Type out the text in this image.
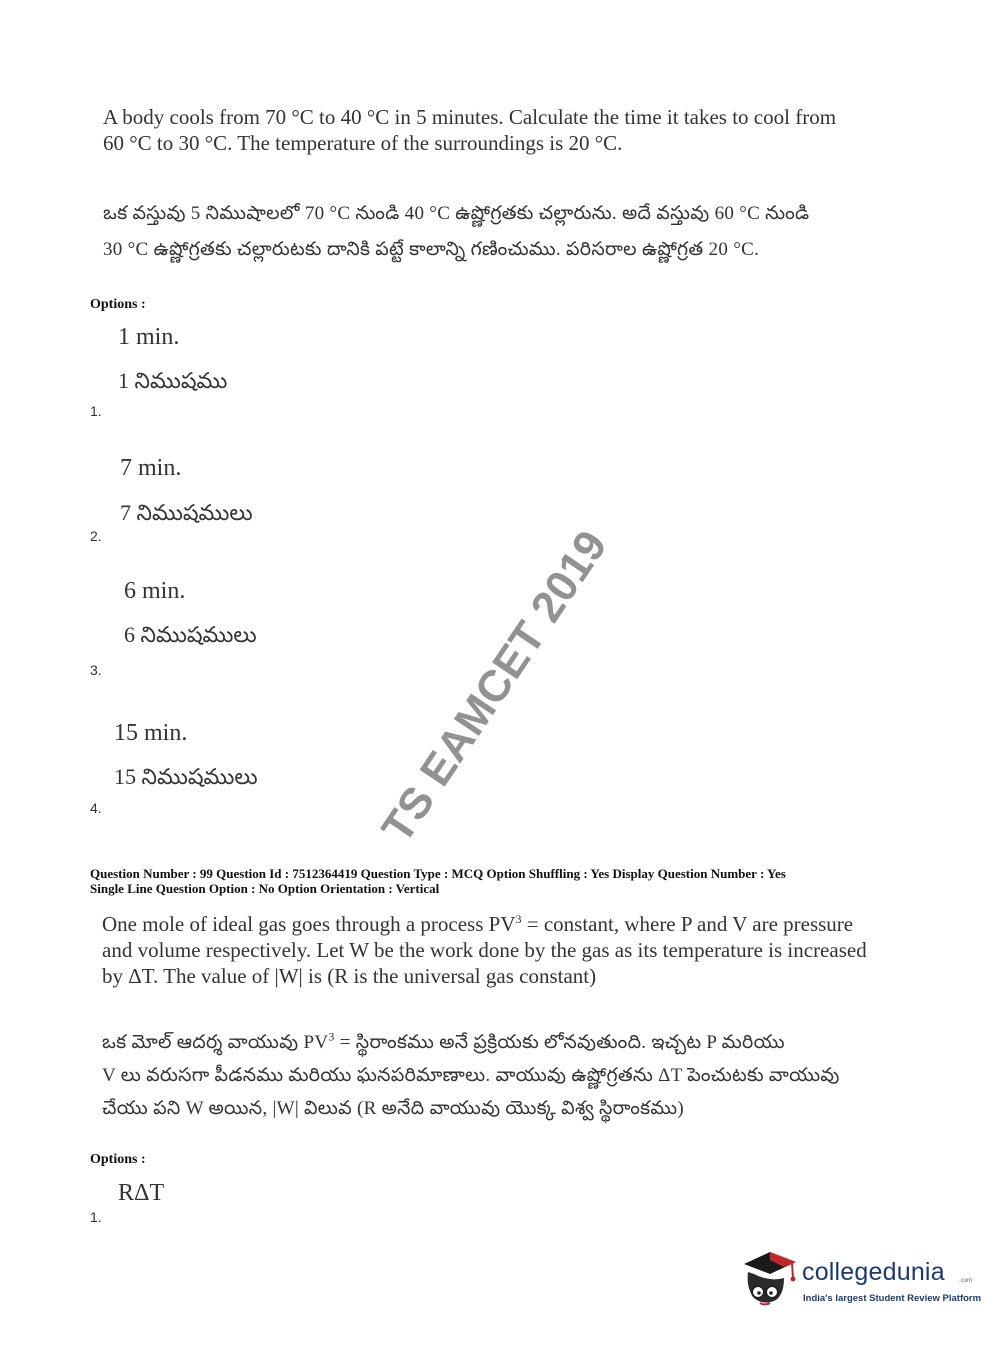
A body cools from 70 °C to 40 °C in 5 minutes. Calculate the time it takes to cool from
60 °C to 30 °C. The temperature of the surroundings is 20 °C.
ఒక వస్తువు 5 నిముషాలలో 70 °C నుండి 40 °C ఉష్ణోగ్రతకు చల్లారును. అదే వస్తువు 60 °C నుండి
30 °C ఉష్ణోగ్రతకు చల్లారుటకు దానికి పట్టే కాలాన్ని గణించుము. పరిసరాల ఉష్ణోగ్రత 20 °C.
Options :
1 min.
1 నిముషము
1.
7 min.
7 నిముషములు
2.
6 min.
6 నిముషములు
3.
15 min.
15 నిముషములు
4.	TS EAMCET 2019
Question Number : 99 Question Id : 7512364419 Question Type : MCQ Option Shuffling : Yes Display Question Number : Yes
Single Line Question Option : No Option Orientation : Vertical
One mole of ideal gas goes through a process $PV^3$ = constant, where P and V are pressure
and volume respectively. Let W be the work done by the gas as its temperature is increased
by ΔT. The value of |W| is (R is the universal gas constant)
ఒక మోల్ ఆదర్శ వాయువు $PV^3$ = స్థిరాంకము అనే ప్రక్రియకు లోనవుతుంది. ఇచ్చట P మరియు
V లు వరుసగా పీడనము మరియు ఘనపరిమాణాలు. వాయువు ఉష్ణోగ్రతను ΔT పెంచుటకు వాయువు
చేయు పని W అయిన, |W| విలువ (R అనేది వాయువు యొక్క విశ్వ స్థిరాంకము)
Options :
RΔT
1.
collegedunia .com
India's largest Student Review Platform
